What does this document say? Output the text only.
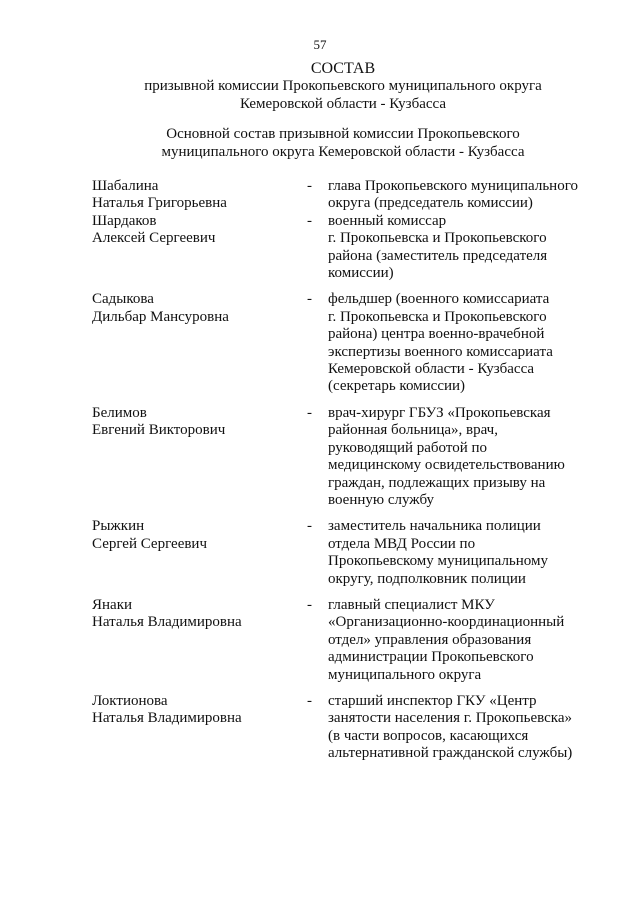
57
СОСТАВ
призывной комиссии Прокопьевского муниципального округа
Кемеровской области - Кузбасса
Основной состав призывной комиссии Прокопьевского
муниципального округа Кемеровской области - Кузбасса
Шабалина
Наталья Григорьевна
-	глава Прокопьевского муниципального
округа (председатель комиссии)
Шардаков
Алексей Сергеевич
-	военный комиссар
г. Прокопьевска и Прокопьевского
района (заместитель председателя
комиссии)
Садыкова
Дильбар Мансуровна
-	фельдшер (военного комиссариата
г. Прокопьевска и Прокопьевского
района) центра военно-врачебной
экспертизы военного комиссариата
Кемеровской области - Кузбасса
(секретарь комиссии)
Белимов
Евгений Викторович
-	врач-хирург ГБУЗ «Прокопьевская
районная больница», врач,
руководящий работой по
медицинскому освидетельствованию
граждан, подлежащих призыву на
военную службу
Рыжкин
Сергей Сергеевич
-	заместитель начальника полиции
отдела МВД России по
Прокопьевскому муниципальному
округу, подполковник полиции
Янаки
Наталья Владимировна
-	главный специалист МКУ
«Организационно-координационный
отдел» управления образования
администрации Прокопьевского
муниципального округа
Локтионова
Наталья Владимировна
-	старший инспектор ГКУ «Центр
занятости населения г. Прокопьевска»
(в части вопросов, касающихся
альтернативной гражданской службы)
